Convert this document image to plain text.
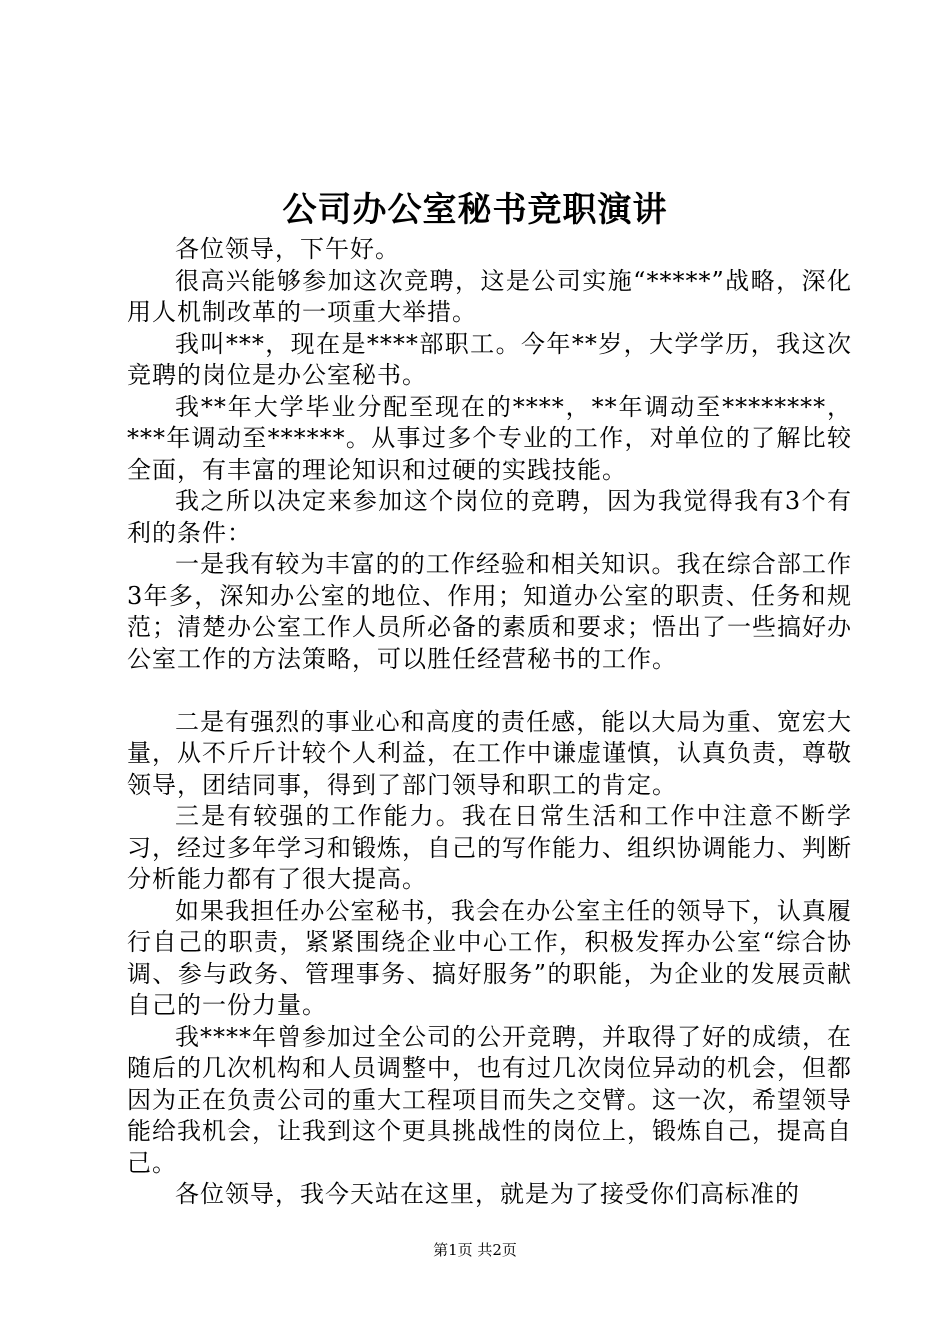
公司办公室秘书竞职演讲

各位领导，下午好。

很高兴能够参加这次竞聘，这是公司实施“*****”战略，深化用人机制改革的一项重大举措。

我叫***，现在是****部职工。今年**岁，大学学历，我这次竞聘的岗位是办公室秘书。

我**年大学毕业分配至现在的****，**年调动至********，***年调动至******。从事过多个专业的工作，对单位的了解比较全面，有丰富的理论知识和过硬的实践技能。

我之所以决定来参加这个岗位的竞聘，因为我觉得我有3个有利的条件：

一是我有较为丰富的的工作经验和相关知识。我在综合部工作3年多，深知办公室的地位、作用；知道办公室的职责、任务和规范；清楚办公室工作人员所必备的素质和要求；悟出了一些搞好办公室工作的方法策略，可以胜任经营秘书的工作。

二是有强烈的事业心和高度的责任感，能以大局为重、宽宏大量，从不斤斤计较个人利益，在工作中谦虚谨慎，认真负责，尊敬领导，团结同事，得到了部门领导和职工的肯定。

三是有较强的工作能力。我在日常生活和工作中注意不断学习，经过多年学习和锻炼，自己的写作能力、组织协调能力、判断分析能力都有了很大提高。

如果我担任办公室秘书，我会在办公室主任的领导下，认真履行自己的职责，紧紧围绕企业中心工作，积极发挥办公室“综合协调、参与政务、管理事务、搞好服务”的职能，为企业的发展贡献自己的一份力量。

我****年曾参加过全公司的公开竞聘，并取得了好的成绩，在随后的几次机构和人员调整中，也有过几次岗位异动的机会，但都因为正在负责公司的重大工程项目而失之交臂。这一次，希望领导能给我机会，让我到这个更具挑战性的岗位上，锻炼自己，提高自己。

各位领导，我今天站在这里，就是为了接受你们高标准的

第1页 共2页
